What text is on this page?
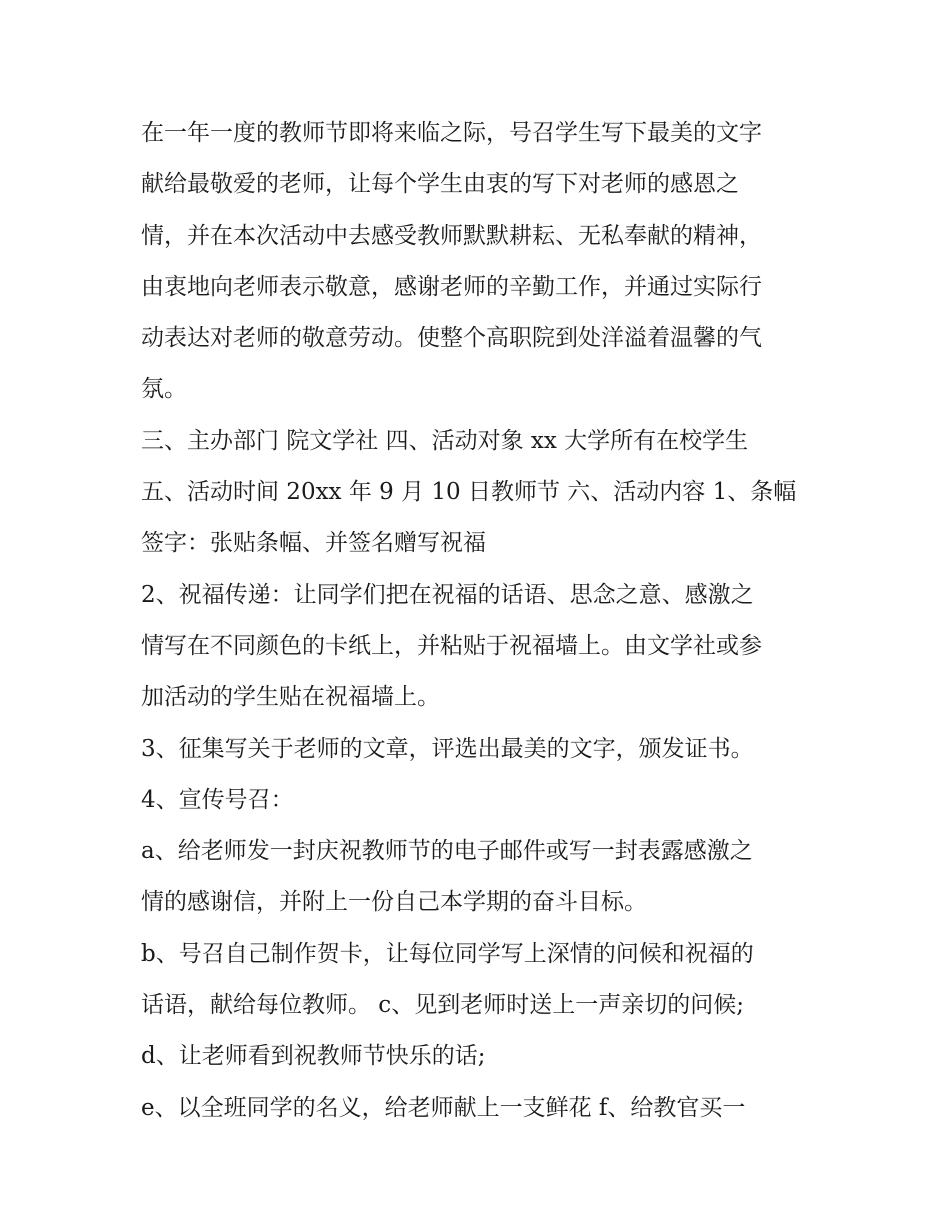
在一年一度的教师节即将来临之际，号召学生写下最美的文字
献给最敬爱的老师，让每个学生由衷的写下对老师的感恩之
情，并在本次活动中去感受教师默默耕耘、无私奉献的精神，
由衷地向老师表示敬意，感谢老师的辛勤工作，并通过实际行
动表达对老师的敬意劳动。使整个高职院到处洋溢着温馨的气
氛。
三、主办部门 院文学社 四、活动对象 xx 大学所有在校学生
五、活动时间 20xx 年 9 月 10 日教师节 六、活动内容 1、条幅
签字：张贴条幅、并签名赠写祝福
2、祝福传递：让同学们把在祝福的话语、思念之意、感激之
情写在不同颜色的卡纸上，并粘贴于祝福墙上。由文学社或参
加活动的学生贴在祝福墙上。
3、征集写关于老师的文章，评选出最美的文字，颁发证书。
4、宣传号召：
a、给老师发一封庆祝教师节的电子邮件或写一封表露感激之
情的感谢信，并附上一份自己本学期的奋斗目标。
b、号召自己制作贺卡，让每位同学写上深情的问候和祝福的
话语，献给每位教师。 c、见到老师时送上一声亲切的问候;
d、让老师看到祝教师节快乐的话;
e、以全班同学的名义，给老师献上一支鲜花 f、给教官买一
